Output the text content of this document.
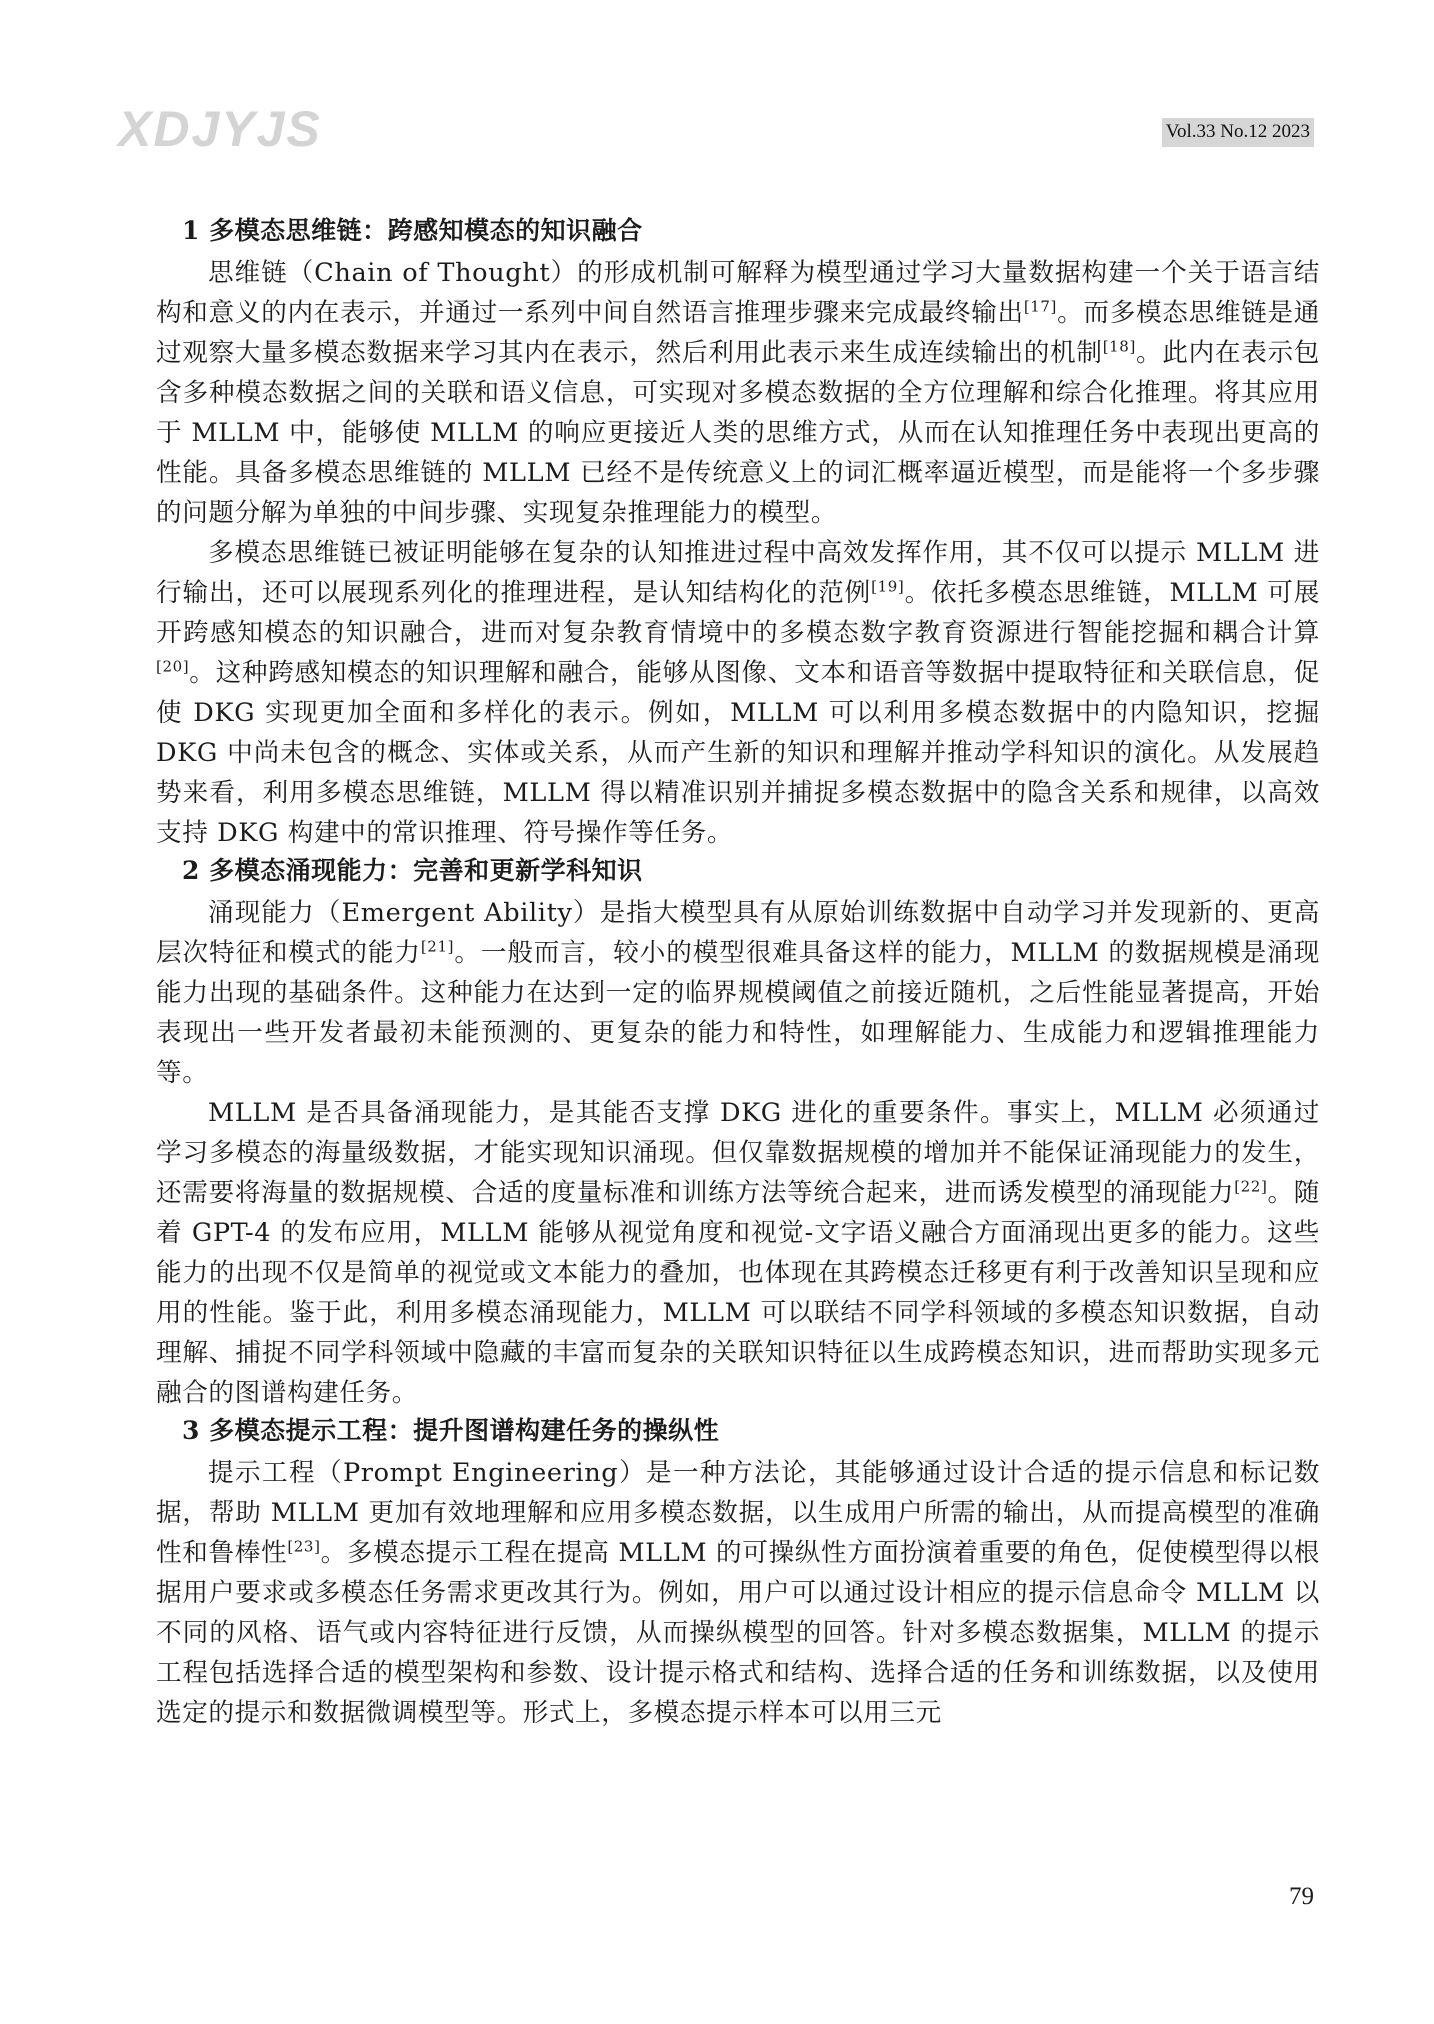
XDJYJS	Vol.33 No.12 2023
1 多模态思维链：跨感知模态的知识融合

思维链（Chain of Thought）的形成机制可解释为模型通过学习大量数据构建一个关于语言结构和意义的内在表示，并通过一系列中间自然语言推理步骤来完成最终输出[17]。而多模态思维链是通过观察大量多模态数据来学习其内在表示，然后利用此表示来生成连续输出的机制[18]。此内在表示包含多种模态数据之间的关联和语义信息，可实现对多模态数据的全方位理解和综合化推理。将其应用于 MLLM 中，能够使 MLLM 的响应更接近人类的思维方式，从而在认知推理任务中表现出更高的性能。具备多模态思维链的 MLLM 已经不是传统意义上的词汇概率逼近模型，而是能将一个多步骤的问题分解为单独的中间步骤、实现复杂推理能力的模型。

多模态思维链已被证明能够在复杂的认知推进过程中高效发挥作用，其不仅可以提示 MLLM 进行输出，还可以展现系列化的推理进程，是认知结构化的范例[19]。依托多模态思维链，MLLM 可展开跨感知模态的知识融合，进而对复杂教育情境中的多模态数字教育资源进行智能挖掘和耦合计算[20]。这种跨感知模态的知识理解和融合，能够从图像、文本和语音等数据中提取特征和关联信息，促使 DKG 实现更加全面和多样化的表示。例如，MLLM 可以利用多模态数据中的内隐知识，挖掘 DKG 中尚未包含的概念、实体或关系，从而产生新的知识和理解并推动学科知识的演化。从发展趋势来看，利用多模态思维链，MLLM 得以精准识别并捕捉多模态数据中的隐含关系和规律，以高效支持 DKG 构建中的常识推理、符号操作等任务。

2 多模态涌现能力：完善和更新学科知识

涌现能力（Emergent Ability）是指大模型具有从原始训练数据中自动学习并发现新的、更高层次特征和模式的能力[21]。一般而言，较小的模型很难具备这样的能力，MLLM 的数据规模是涌现能力出现的基础条件。这种能力在达到一定的临界规模阈值之前接近随机，之后性能显著提高，开始表现出一些开发者最初未能预测的、更复杂的能力和特性，如理解能力、生成能力和逻辑推理能力等。

MLLM 是否具备涌现能力，是其能否支撑 DKG 进化的重要条件。事实上，MLLM 必须通过学习多模态的海量级数据，才能实现知识涌现。但仅靠数据规模的增加并不能保证涌现能力的发生，还需要将海量的数据规模、合适的度量标准和训练方法等统合起来，进而诱发模型的涌现能力[22]。随着 GPT-4 的发布应用，MLLM 能够从视觉角度和视觉-文字语义融合方面涌现出更多的能力。这些能力的出现不仅是简单的视觉或文本能力的叠加，也体现在其跨模态迁移更有利于改善知识呈现和应用的性能。鉴于此，利用多模态涌现能力，MLLM 可以联结不同学科领域的多模态知识数据，自动理解、捕捉不同学科领域中隐藏的丰富而复杂的关联知识特征以生成跨模态知识，进而帮助实现多元融合的图谱构建任务。

3 多模态提示工程：提升图谱构建任务的操纵性

提示工程（Prompt Engineering）是一种方法论，其能够通过设计合适的提示信息和标记数据，帮助 MLLM 更加有效地理解和应用多模态数据，以生成用户所需的输出，从而提高模型的准确性和鲁棒性[23]。多模态提示工程在提高 MLLM 的可操纵性方面扮演着重要的角色，促使模型得以根据用户要求或多模态任务需求更改其行为。例如，用户可以通过设计相应的提示信息命令 MLLM 以不同的风格、语气或内容特征进行反馈，从而操纵模型的回答。针对多模态数据集，MLLM 的提示工程包括选择合适的模型架构和参数、设计提示格式和结构、选择合适的任务和训练数据，以及使用选定的提示和数据微调模型等。形式上，多模态提示样本可以用三元

79
